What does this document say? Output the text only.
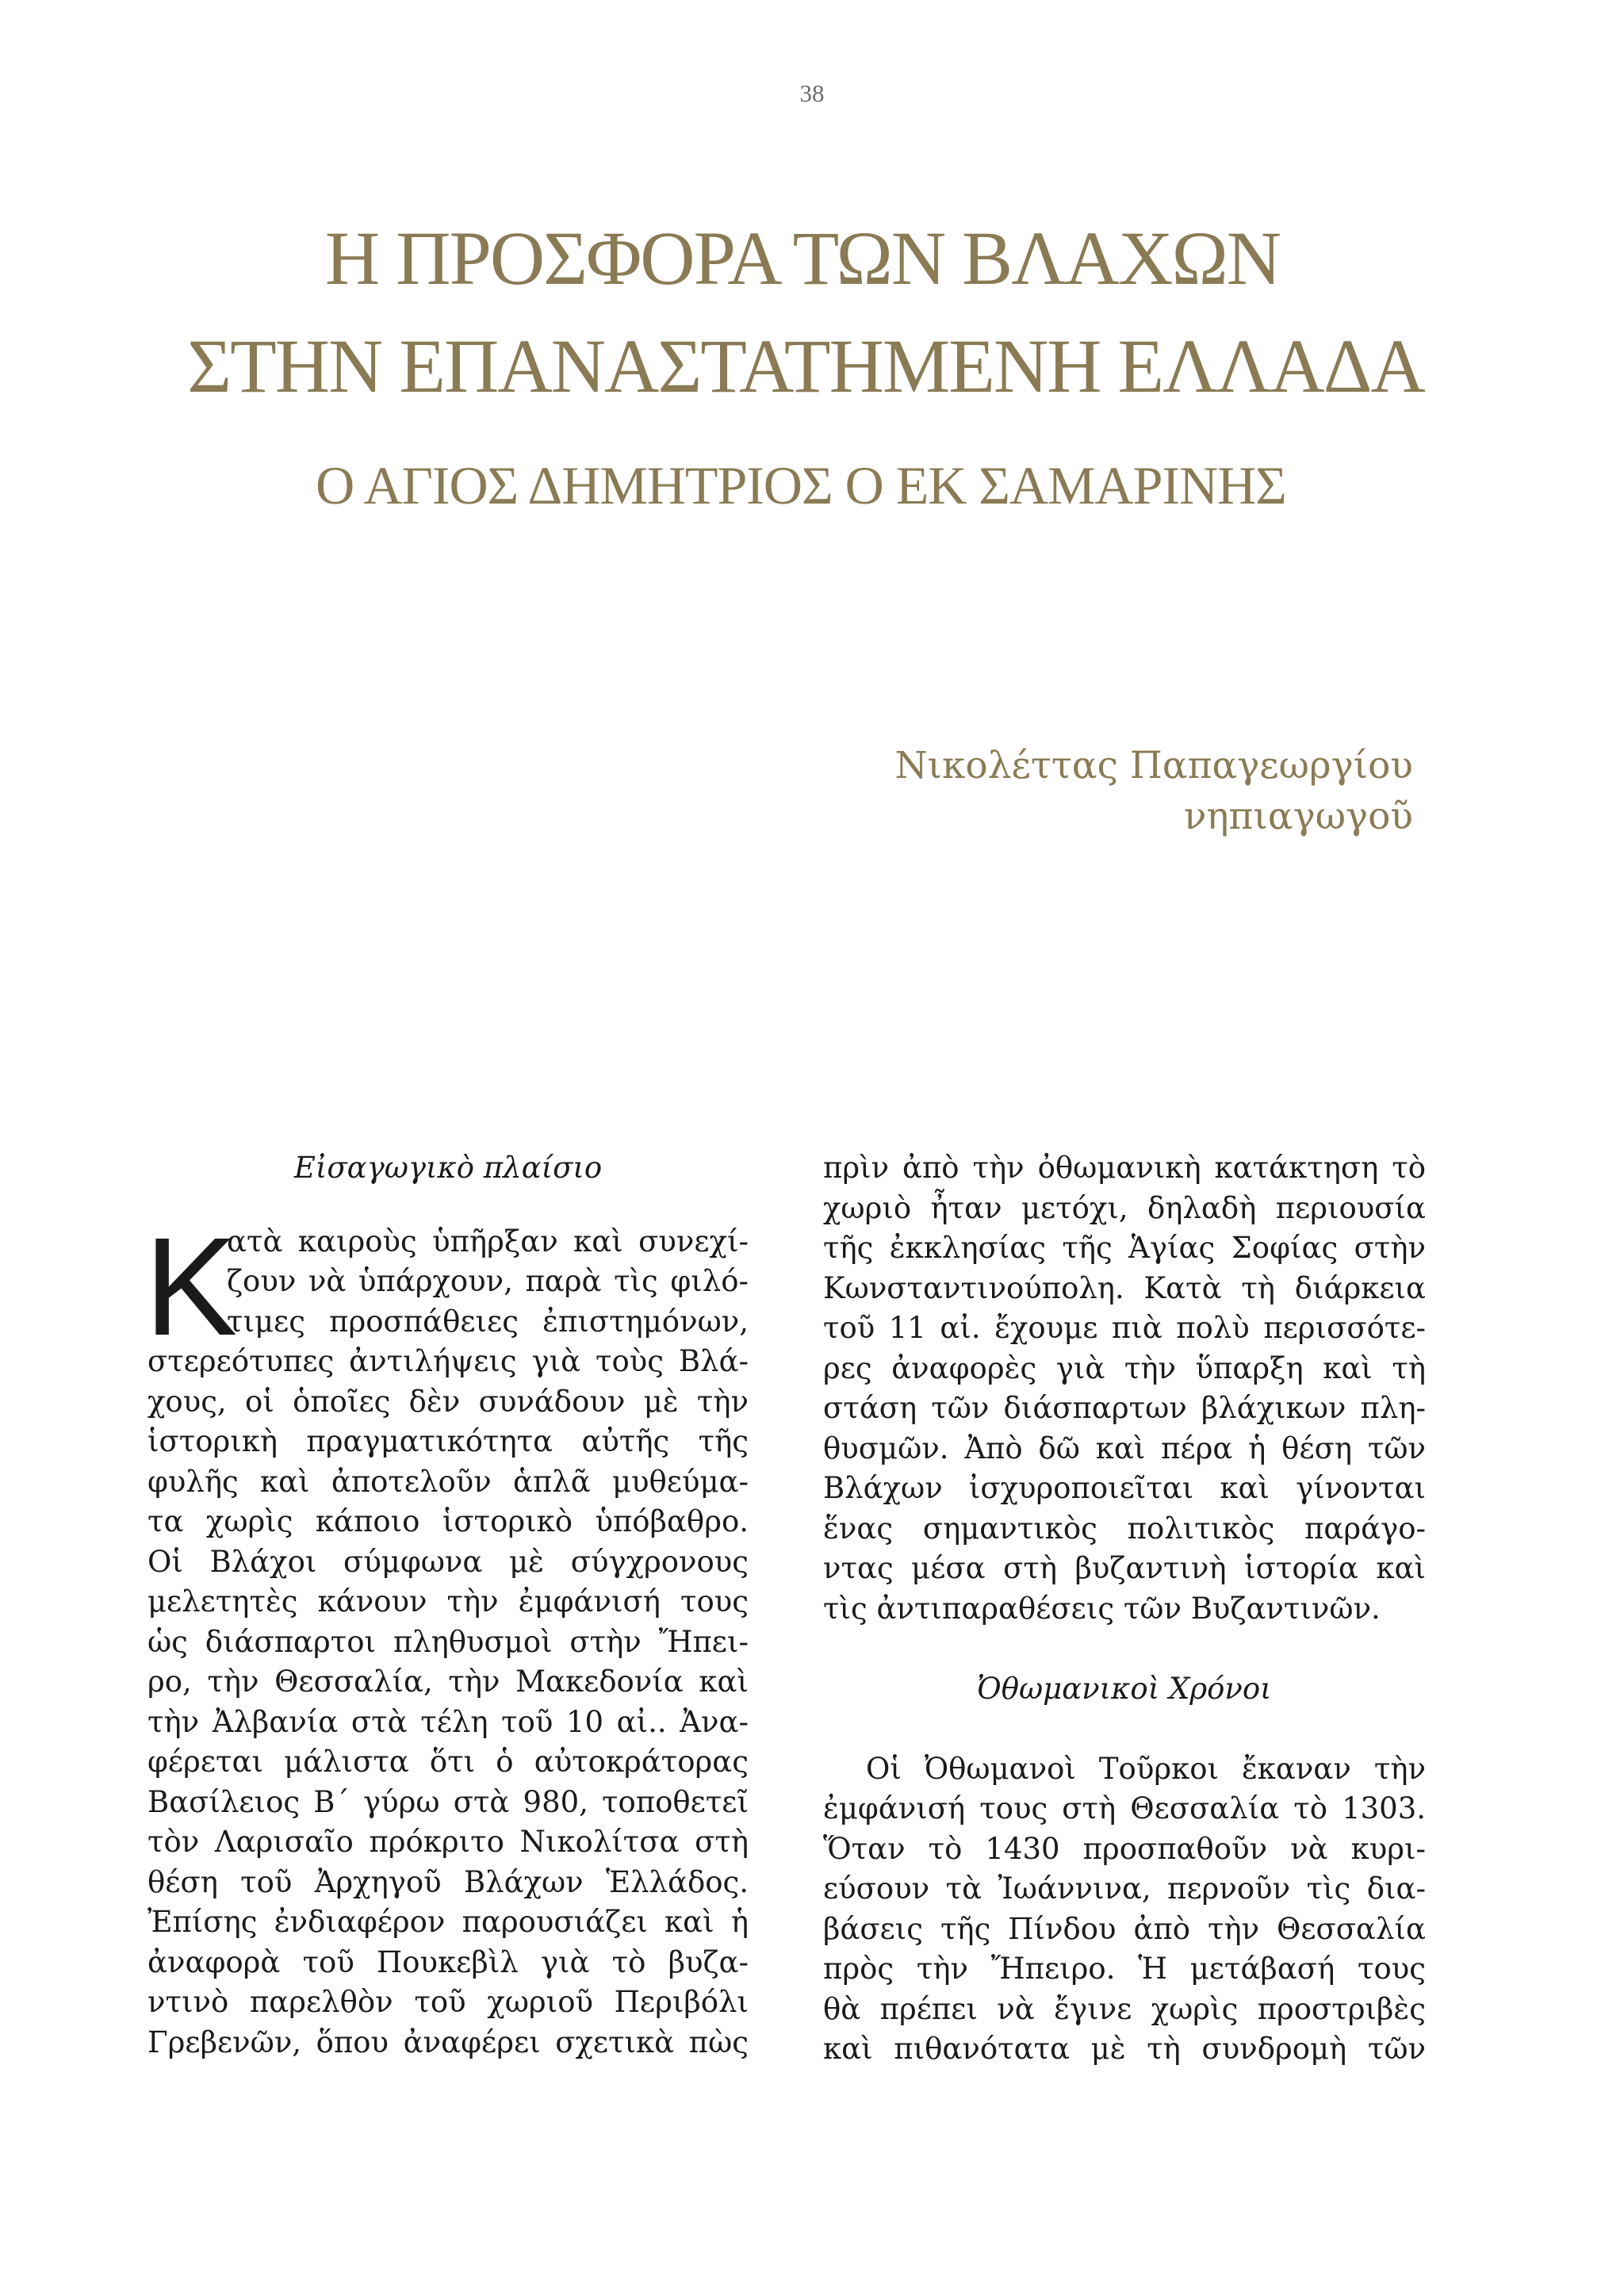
38
Η ΠΡΟΣΦΟΡΑ ΤΩΝ ΒΛΑΧΩΝ
ΣΤΗΝ ΕΠΑΝΑΣΤΑΤΗΜΕΝΗ ΕΛΛΑΔΑ
Ο ΑΓΙΟΣ ΔΗΜΗΤΡΙΟΣ Ο ΕΚ ΣΑΜΑΡΙΝΗΣ
Νικολέττας Παπαγεωργίου
νηπιαγωγοῦ
Εἰσαγωγικὸ πλαίσιο
Κ
ατὰ καιροὺς ὑπῆρξαν καὶ συνεχί-
ζουν νὰ ὑπάρχουν, παρὰ τὶς φιλό-
τιμες προσπάθειες ἐπιστημόνων,
στερεότυπες ἀντιλήψεις γιὰ τοὺς Βλά-
χους, οἱ ὁποῖες δὲν συνάδουν μὲ τὴν
ἱστορικὴ πραγματικότητα αὐτῆς τῆς
φυλῆς καὶ ἀποτελοῦν ἁπλᾶ μυθεύμα-
τα χωρὶς κάποιο ἱστορικὸ ὑπόβαθρο.
Οἱ Βλάχοι σύμφωνα μὲ σύγχρονους
μελετητὲς κάνουν τὴν ἐμφάνισή τους
ὡς διάσπαρτοι πληθυσμοὶ στὴν Ἤπει-
ρο, τὴν Θεσσαλία, τὴν Μακεδονία καὶ
τὴν Ἀλβανία στὰ τέλη τοῦ 10 αἰ.. Ἀνα-
φέρεται μάλιστα ὅτι ὁ αὐτοκράτορας
Βασίλειος Β΄ γύρω στὰ 980, τοποθετεῖ
τὸν Λαρισαῖο πρόκριτο Νικολίτσα στὴ
θέση τοῦ Ἀρχηγοῦ Βλάχων Ἑλλάδος.
Ἐπίσης ἐνδιαφέρον παρουσιάζει καὶ ἡ
ἀναφορὰ τοῦ Πουκεβὶλ γιὰ τὸ βυζα-
ντινὸ παρελθὸν τοῦ χωριοῦ Περιβόλι
Γρεβενῶν, ὅπου ἀναφέρει σχετικὰ πὼς
πρὶν ἀπὸ τὴν ὀθωμανικὴ κατάκτηση τὸ
χωριὸ ἦταν μετόχι, δηλαδὴ περιουσία
τῆς ἐκκλησίας τῆς Ἁγίας Σοφίας στὴν
Κωνσταντινούπολη. Κατὰ τὴ διάρκεια
τοῦ 11 αἰ. ἔχουμε πιὰ πολὺ περισσότε-
ρες ἀναφορὲς γιὰ τὴν ὕπαρξη καὶ τὴ
στάση τῶν διάσπαρτων βλάχικων πλη-
θυσμῶν. Ἀπὸ δῶ καὶ πέρα ἡ θέση τῶν
Βλάχων ἰσχυροποιεῖται καὶ γίνονται
ἕνας σημαντικὸς πολιτικὸς παράγο-
ντας μέσα στὴ βυζαντινὴ ἱστορία καὶ
τὶς ἀντιπαραθέσεις τῶν Βυζαντινῶν.
Ὀθωμανικοὶ Χρόνοι
Οἱ Ὀθωμανοὶ Τοῦρκοι ἔκαναν τὴν
ἐμφάνισή τους στὴ Θεσσαλία τὸ 1303.
Ὅταν τὸ 1430 προσπαθοῦν νὰ κυρι-
εύσουν τὰ Ἰωάννινα, περνοῦν τὶς δια-
βάσεις τῆς Πίνδου ἀπὸ τὴν Θεσσαλία
πρὸς τὴν Ἤπειρο. Ἡ μετάβασή τους
θὰ πρέπει νὰ ἔγινε χωρὶς προστριβὲς
καὶ πιθανότατα μὲ τὴ συνδρομὴ τῶν
